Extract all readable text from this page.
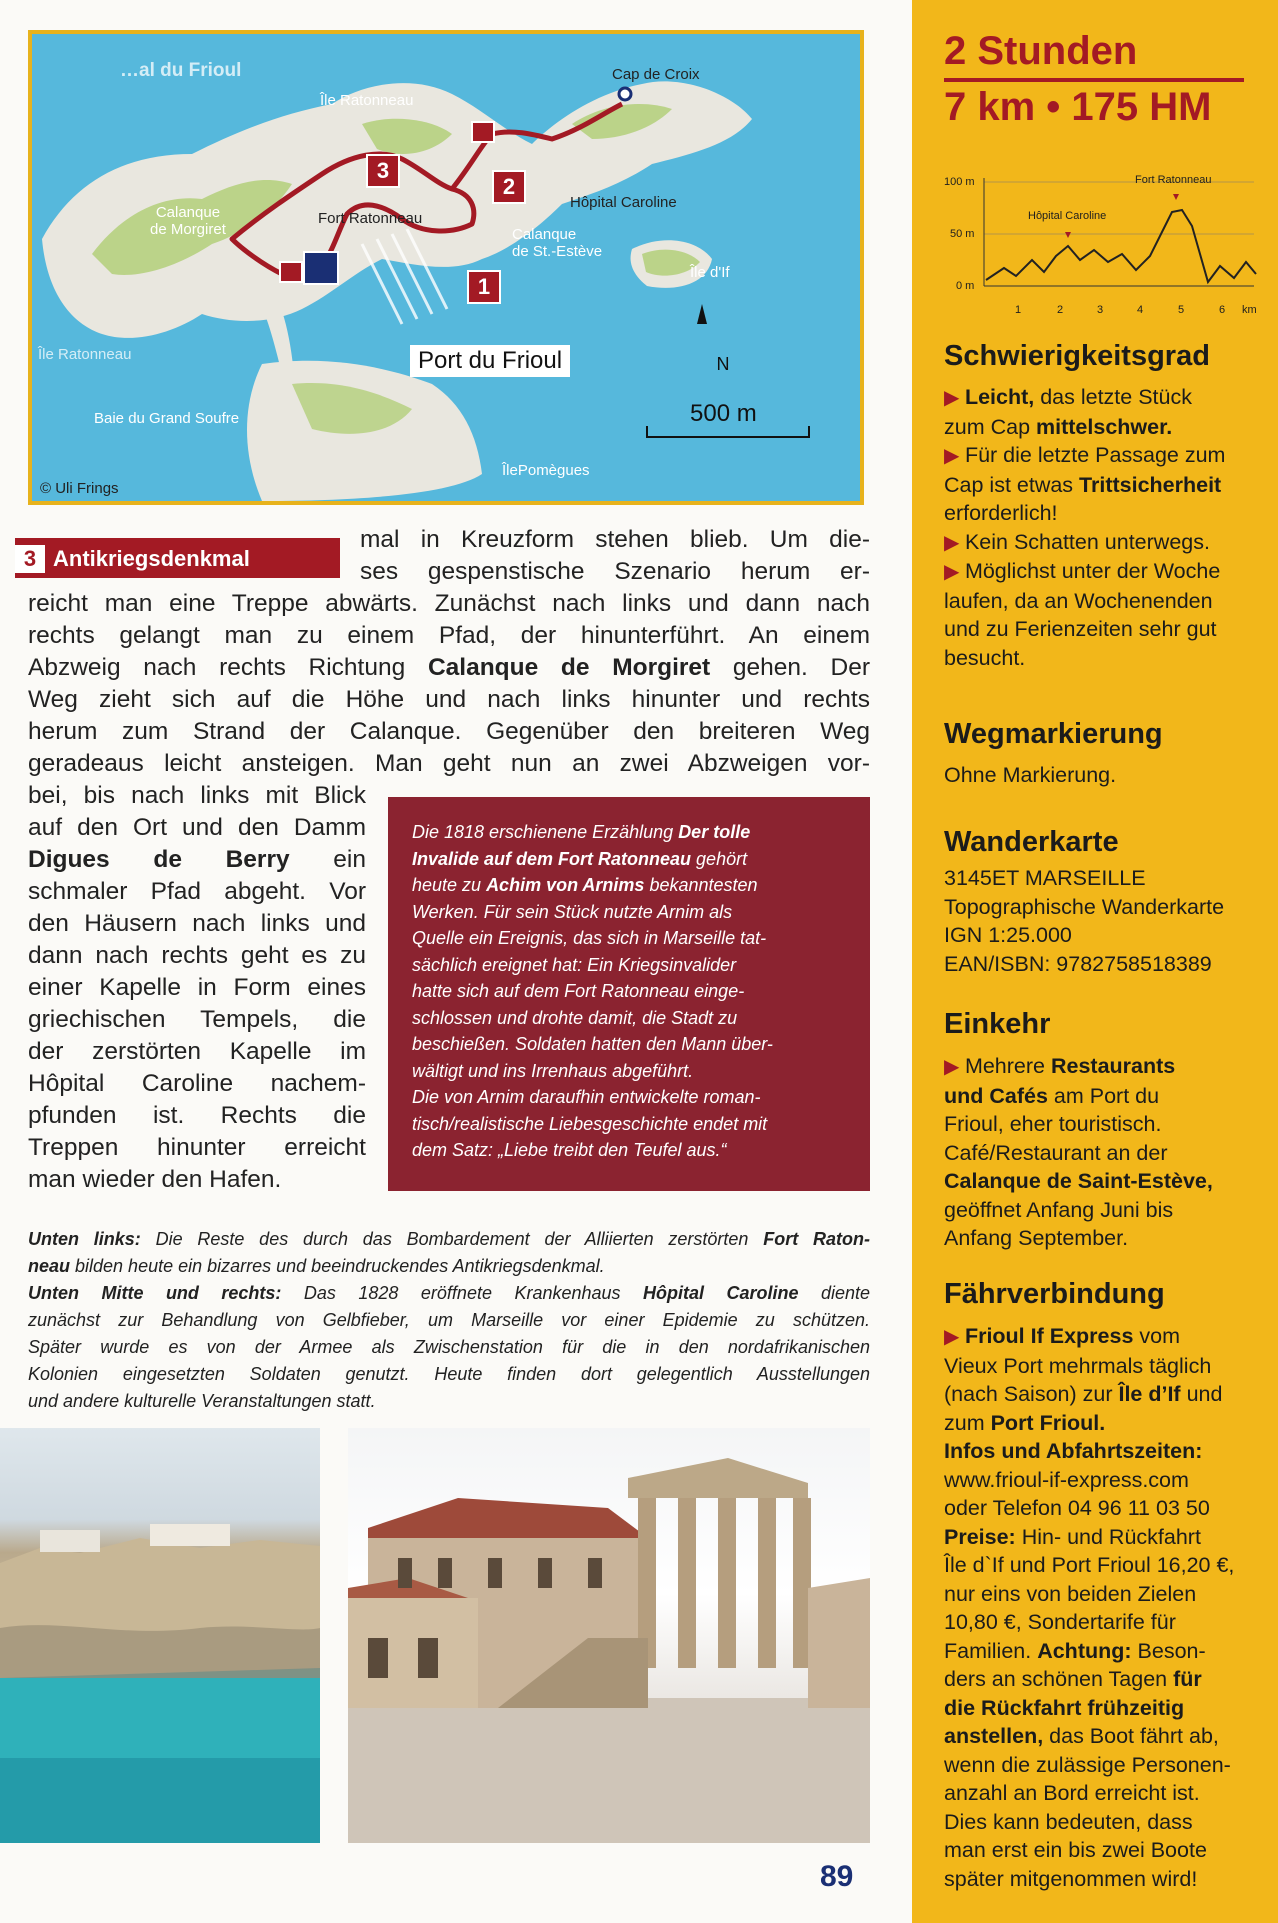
…al du Frioul
Île Ratonneau
Cap de Croix
Hôpital Caroline
Calanque
de Morgiret
Fort Ratonneau
Calanque
de St.-Estève
Île d'If
Île Ratonneau
Baie du Grand Soufre
ÎlePomègues
Port du Frioul
1
2
3
N
500 m
© Uli Frings
3 Antikriegsdenkmal
mal in Kreuzform stehen blieb. Um die-
ses gespenstische Szenario herum er-
reicht man eine Treppe abwärts. Zunächst nach links und dann nach
rechts gelangt man zu einem Pfad, der hinunterführt. An einem
Abzweig nach rechts Richtung Calanque de Morgiret gehen. Der
Weg zieht sich auf die Höhe und nach links hinunter und rechts
herum zum Strand der Calanque. Gegenüber den breiteren Weg
geradeaus leicht ansteigen. Man geht nun an zwei Abzweigen vor-
bei, bis nach links mit Blick
auf den Ort und den Damm
Digues de Berry ein
schmaler Pfad abgeht. Vor
den Häusern nach links und
dann nach rechts geht es zu
einer Kapelle in Form eines
griechischen Tempels, die
der zerstörten Kapelle im
Hôpital Caroline nachem-
pfunden ist. Rechts die
Treppen hinunter erreicht
man wieder den Hafen.
Die 1818 erschienene Erzählung Der tolle
Invalide auf dem Fort Ratonneau gehört
heute zu Achim von Arnims bekanntesten
Werken. Für sein Stück nutzte Arnim als
Quelle ein Ereignis, das sich in Marseille tat-
sächlich ereignet hat: Ein Kriegsinvalider
hatte sich auf dem Fort Ratonneau einge-
schlossen und drohte damit, die Stadt zu
beschießen. Soldaten hatten den Mann über-
wältigt und ins Irrenhaus abgeführt.
Die von Arnim daraufhin entwickelte roman-
tisch/realistische Liebesgeschichte endet mit
dem Satz: „Liebe treibt den Teufel aus.“
Unten links: Die Reste des durch das Bombardement der Alliierten zerstörten Fort Raton-
neau bilden heute ein bizarres und beeindruckendes Antikriegsdenkmal.
Unten Mitte und rechts: Das 1828 eröffnete Krankenhaus Hôpital Caroline diente
zunächst zur Behandlung von Gelbfieber, um Marseille vor einer Epidemie zu schützen.
Später wurde es von der Armee als Zwischenstation für die in den nordafrikanischen
Kolonien eingesetzten Soldaten genutzt. Heute finden dort gelegentlich Ausstellungen
und andere kulturelle Veranstaltungen statt.
89
2 Stunden
7 km • 175 HM
100 m
50 m
0 m
1	2	3	4	5	6 km
Hôpital Caroline
Fort Ratonneau
Schwierigkeitsgrad
▶ Leicht, das letzte Stück
zum Cap mittelschwer.
▶ Für die letzte Passage zum
Cap ist etwas Trittsicherheit
erforderlich!
▶ Kein Schatten unterwegs.
▶ Möglichst unter der Woche
laufen, da an Wochenenden
und zu Ferienzeiten sehr gut
besucht.
Wegmarkierung
Ohne Markierung.
Wanderkarte
3145ET MARSEILLE
Topographische Wanderkarte
IGN 1:25.000
EAN/ISBN: 9782758518389
Einkehr
▶ Mehrere Restaurants
und Cafés am Port du
Frioul, eher touristisch.
Café/Restaurant an der
Calanque de Saint-Estève,
geöffnet Anfang Juni bis
Anfang September.
Fährverbindung
▶ Frioul If Express vom
Vieux Port mehrmals täglich
(nach Saison) zur Île d’If und
zum Port Frioul.
Infos und Abfahrtszeiten:
www.frioul-if-express.com
oder Telefon 04 96 11 03 50
Preise: Hin- und Rückfahrt
Île d`If und Port Frioul 16,20 €,
nur eins von beiden Zielen
10,80 €, Sondertarife für
Familien. Achtung: Beson-
ders an schönen Tagen für
die Rückfahrt frühzeitig
anstellen, das Boot fährt ab,
wenn die zulässige Personen-
anzahl an Bord erreicht ist.
Dies kann bedeuten, dass
man erst ein bis zwei Boote
später mitgenommen wird!
